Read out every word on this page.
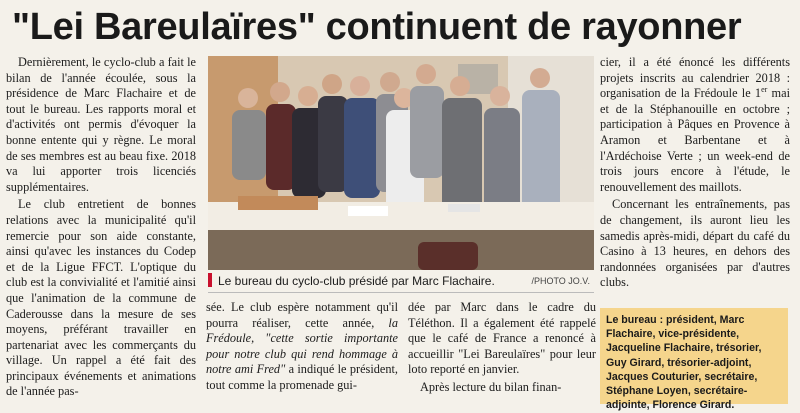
"Lei Bareulaïres" continuent de rayonner

Dernièrement, le cyclo-club a fait le bilan de l'année écoulée, sous la présidence de Marc Flachaire et de tout le bureau. Les rapports moral et d'activités ont permis d'évoquer la bonne entente qui y règne. Le moral de ses membres est au beau fixe. 2018 va lui apporter trois licenciés supplémentaires.

Le club entretient de bonnes relations avec la municipalité qu'il remercie pour son aide constante, ainsi qu'avec les instances du Codep et de la Ligue FFCT. L'optique du club est la convivialité et l'amitié ainsi que l'animation de la commune de Caderousse dans la mesure de ses moyens, préférant travailler en partenariat avec les commerçants du village. Un rappel a été fait des principaux événements et animations de l'année pas-

Le bureau du cyclo-club présidé par Marc Flachaire.	/PHOTO JO.V.

sée. Le club espère notamment qu'il pourra réaliser, cette année, la Frédoule, "cette sortie importante pour notre club qui rend hommage à notre ami Fred" a indiqué le président, tout comme la promenade gui-

dée par Marc dans le cadre du Téléthon. Il a également été rappelé que le café de France a renoncé à accueillir "Lei Bareulaïres" pour leur loto reporté en janvier.

Après lecture du bilan finan-

cier, il a été énoncé les différents projets inscrits au calendrier 2018 : organisation de la Frédoule le 1er mai et de la Stéphanouille en octobre ; participation à Pâques en Provence à Aramon et Barbentane et à l'Ardéchoise Verte ; un week-end de trois jours encore à l'étude, le renouvellement des maillots.

Concernant les entraînements, pas de changement, ils auront lieu les samedis après-midi, départ du café du Casino à 13 heures, en dehors des randonnées organisées par d'autres clubs.

Le bureau : président, Marc Flachaire, vice-présidente, Jacqueline Flachaire, trésorier, Guy Girard, trésorier-adjoint, Jacques Couturier, secrétaire, Stéphane Loyen, secrétaire-adjointe, Florence Girard.
